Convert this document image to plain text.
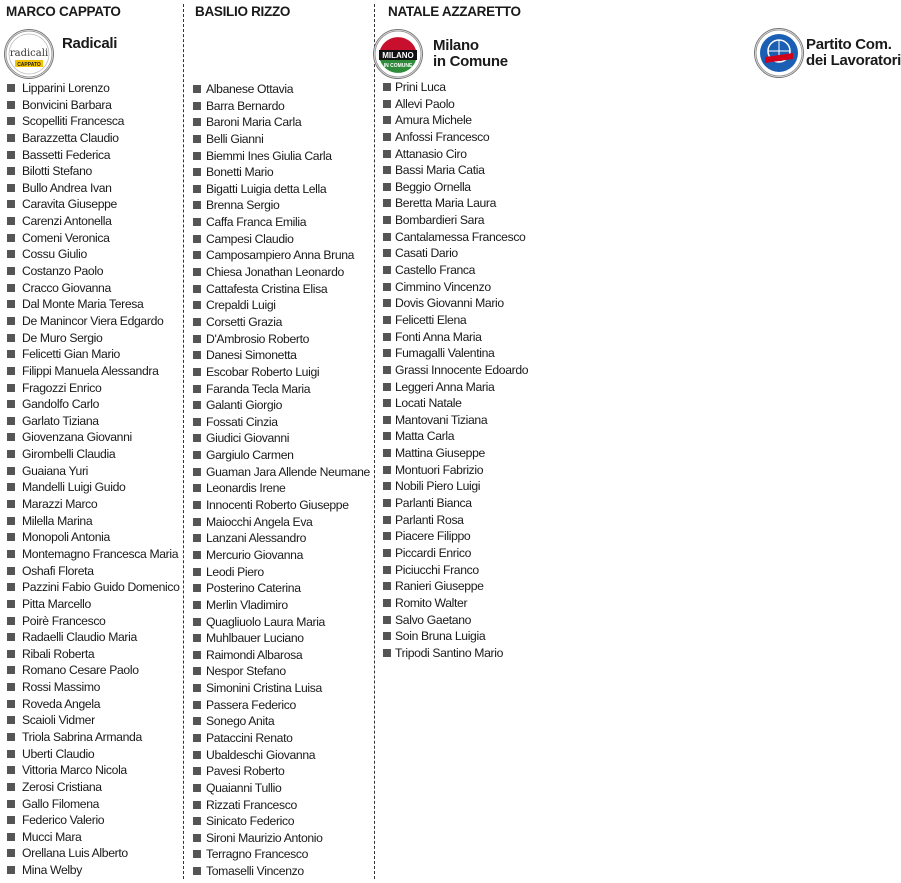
MARCO CAPPATO
radicali
CAPPATO
Radicali
Lipparini Lorenzo
Bonvicini Barbara
Scopelliti Francesca
Barazzetta Claudio
Bassetti Federica
Bilotti Stefano
Bullo Andrea Ivan
Caravita Giuseppe
Carenzi Antonella
Comeni Veronica
Cossu Giulio
Costanzo Paolo
Cracco Giovanna
Dal Monte Maria Teresa
De Manincor Viera Edgardo
De Muro Sergio
Felicetti Gian Mario
Filippi Manuela Alessandra
Fragozzi Enrico
Gandolfo Carlo
Garlato Tiziana
Giovenzana Giovanni
Girombelli Claudia
Guaiana Yuri
Mandelli Luigi Guido
Marazzi Marco
Milella Marina
Monopoli Antonia
Montemagno Francesca Maria
Oshafi Floreta
Pazzini Fabio Guido Domenico
Pitta Marcello
Poirè Francesco
Radaelli Claudio Maria
Ribali Roberta
Romano Cesare Paolo
Rossi Massimo
Roveda Angela
Scaioli Vidmer
Triola Sabrina Armanda
Uberti Claudio
Vittoria Marco Nicola
Zerosi Cristiana
Gallo Filomena
Federico Valerio
Mucci Mara
Orellana Luis Alberto
Mina Welby
BASILIO RIZZO
MILANO
IN COMUNE
Milano
in Comune
Albanese Ottavia
Barra Bernardo
Baroni Maria Carla
Belli Gianni
Biemmi Ines Giulia Carla
Bonetti Mario
Bigatti Luigia detta Lella
Brenna Sergio
Caffa Franca Emilia
Campesi Claudio
Camposampiero Anna Bruna
Chiesa Jonathan Leonardo
Cattafesta Cristina Elisa
Crepaldi Luigi
Corsetti Grazia
D'Ambrosio Roberto
Danesi Simonetta
Escobar Roberto Luigi
Faranda Tecla Maria
Galanti Giorgio
Fossati Cinzia
Giudici Giovanni
Gargiulo Carmen
Guaman Jara Allende Neumane
Leonardis Irene
Innocenti Roberto Giuseppe
Maiocchi Angela Eva
Lanzani Alessandro
Mercurio Giovanna
Leodi Piero
Posterino Caterina
Merlin Vladimiro
Quagliuolo Laura Maria
Muhlbauer Luciano
Raimondi Albarosa
Nespor Stefano
Simonini Cristina Luisa
Passera Federico
Sonego Anita
Pataccini Renato
Ubaldeschi Giovanna
Pavesi Roberto
Quaianni Tullio
Rizzati Francesco
Sinicato Federico
Sironi Maurizio Antonio
Terragno Francesco
Tomaselli Vincenzo
NATALE AZZARETTO
Partito Com.
dei Lavoratori
Prini Luca
Allevi Paolo
Amura Michele
Anfossi Francesco
Attanasio Ciro
Bassi Maria Catia
Beggio Ornella
Beretta Maria Laura
Bombardieri Sara
Cantalamessa Francesco
Casati Dario
Castello Franca
Cimmino Vincenzo
Dovis Giovanni Mario
Felicetti Elena
Fonti Anna Maria
Fumagalli Valentina
Grassi Innocente Edoardo
Leggeri Anna Maria
Locati Natale
Mantovani Tiziana
Matta Carla
Mattina Giuseppe
Montuori Fabrizio
Nobili Piero Luigi
Parlanti Bianca
Parlanti Rosa
Piacere Filippo
Piccardi Enrico
Piciucchi Franco
Ranieri Giuseppe
Romito Walter
Salvo Gaetano
Soin Bruna Luigia
Tripodi Santino Mario
